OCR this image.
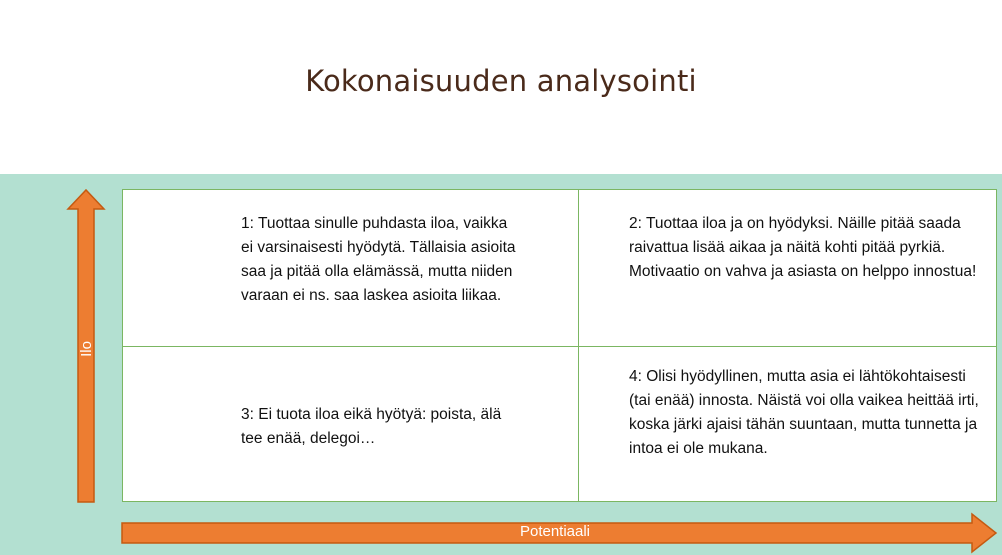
Kokonaisuuden analysointi
1: Tuottaa sinulle puhdasta iloa, vaikka ei varsinaisesti hyödytä. Tällaisia asioita saa ja pitää olla elämässä, mutta niiden varaan ei ns. saa laskea asioita liikaa.
2: Tuottaa iloa ja on hyödyksi. Näille pitää saada raivattua lisää aikaa ja näitä kohti pitää pyrkiä. Motivaatio on vahva ja asiasta on helppo innostua!
3: Ei tuota iloa eikä hyötyä: poista, älä tee enää, delegoi…
4: Olisi hyödyllinen, mutta asia ei lähtökohtaisesti (tai enää) innosta. Näistä voi olla vaikea heittää irti, koska järki ajaisi tähän suuntaan, mutta tunnetta ja intoa ei ole mukana.
Potentiaali
Ilo
